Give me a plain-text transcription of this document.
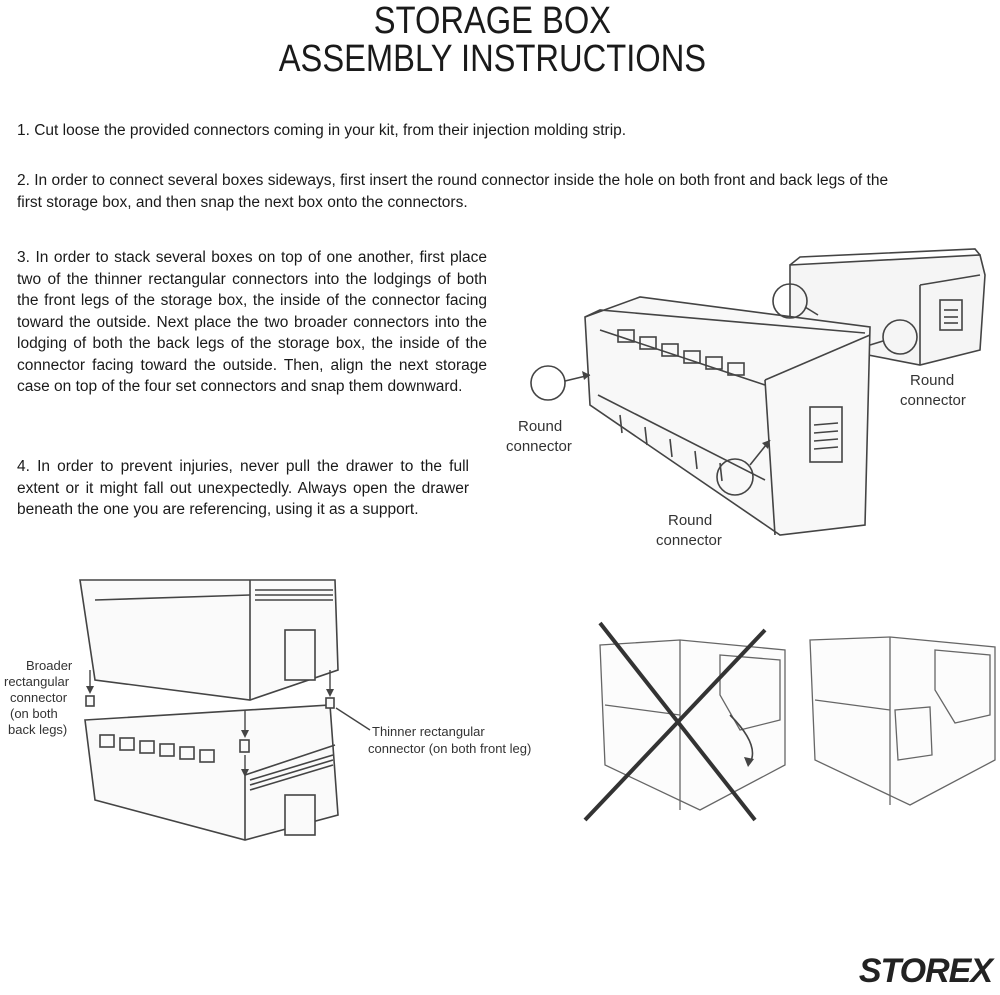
STORAGE BOX
ASSEMBLY INSTRUCTIONS

1. Cut loose the provided connectors coming in your kit, from their injection molding strip.

2. In order to connect several boxes sideways, first insert the round connector inside the hole on both front and back legs of the first storage box, and then snap the next box onto the connectors.

3. In order to stack several boxes on top of one another, first place two of the thinner rectangular connectors into the lodgings of both the front legs of the storage box, the inside of the connector facing toward the outside. Next place the two broader connectors into the lodging of both the back legs of the storage box, the inside of the connector facing toward the outside. Then, align the next storage case on top of the four set connectors and snap them downward.

4. In order to prevent injuries, never pull the drawer to the full extent or it might fall out unexpectedly. Always open the drawer beneath the one you are referencing, using it as a support.

Round
connector
Round
connector
Round
connector
Broader
rectangular
connector
(on both
back legs)	Thinner rectangular
connector (on both front leg)
STOREX
